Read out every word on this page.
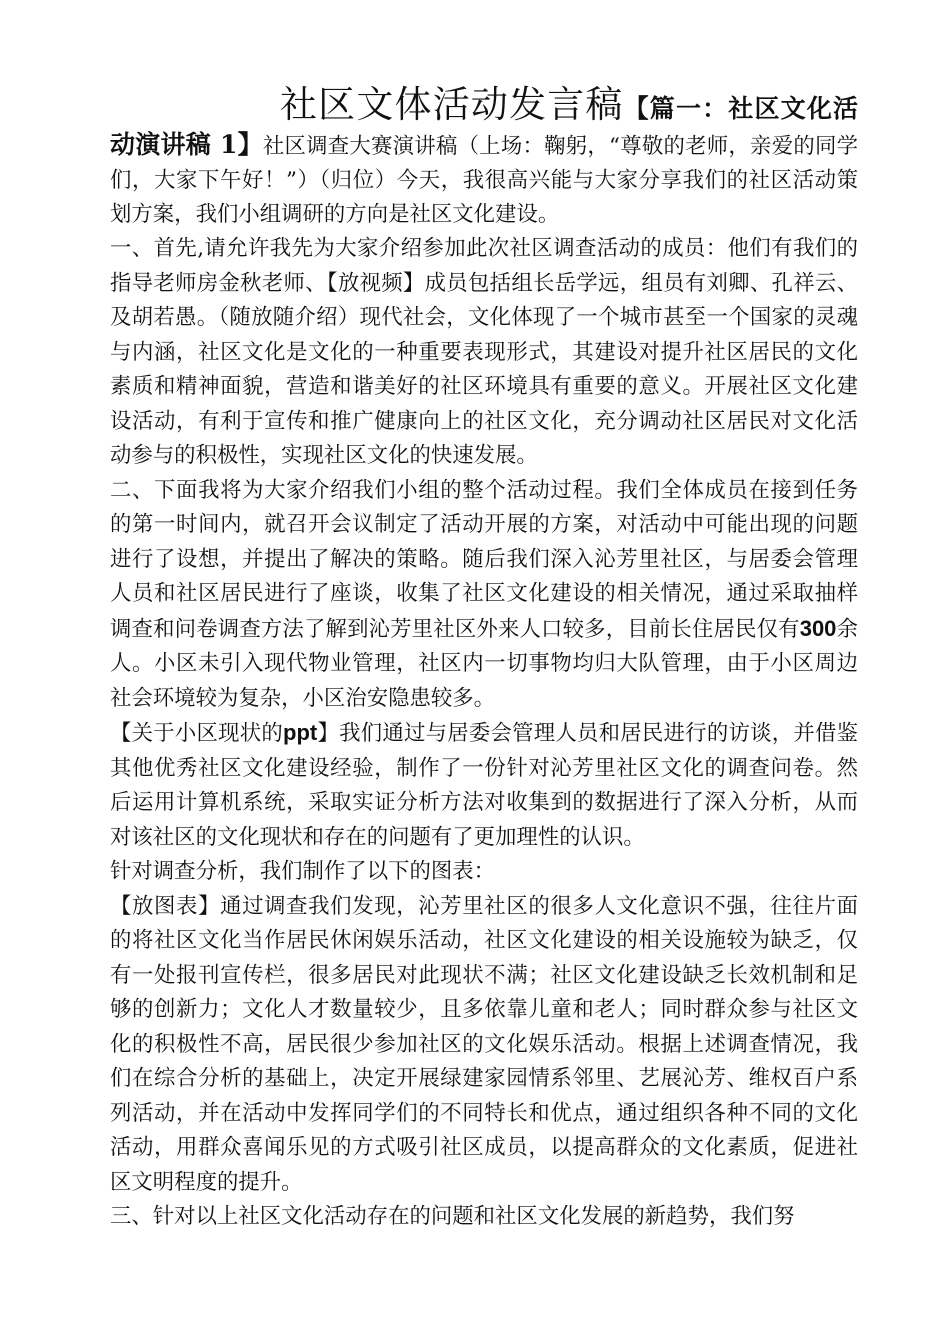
社区文体活动发言稿【篇一：社区文化活动演讲稿 1】社区调查大赛演讲稿（上场：鞠躬，“尊敬的老师，亲爱的同学们，大家下午好！”）（归位）今天，我很高兴能与大家分享我们的社区活动策划方案，我们小组调研的方向是社区文化建设。

一、首先,请允许我先为大家介绍参加此次社区调查活动的成员：他们有我们的指导老师房金秋老师、【放视频】成员包括组长岳学远，组员有刘卿、孔祥云、及胡若愚。（随放随介绍）现代社会，文化体现了一个城市甚至一个国家的灵魂与内涵，社区文化是文化的一种重要表现形式，其建设对提升社区居民的文化素质和精神面貌，营造和谐美好的社区环境具有重要的意义。开展社区文化建设活动，有利于宣传和推广健康向上的社区文化，充分调动社区居民对文化活动参与的积极性，实现社区文化的快速发展。

二、下面我将为大家介绍我们小组的整个活动过程。我们全体成员在接到任务的第一时间内，就召开会议制定了活动开展的方案，对活动中可能出现的问题进行了设想，并提出了解决的策略。随后我们深入沁芳里社区，与居委会管理人员和社区居民进行了座谈，收集了社区文化建设的相关情况，通过采取抽样调查和问卷调查方法了解到沁芳里社区外来人口较多，目前长住居民仅有300余人。小区未引入现代物业管理，社区内一切事物均归大队管理，由于小区周边社会环境较为复杂，小区治安隐患较多。

【关于小区现状的ppt】我们通过与居委会管理人员和居民进行的访谈，并借鉴其他优秀社区文化建设经验，制作了一份针对沁芳里社区文化的调查问卷。然后运用计算机系统，采取实证分析方法对收集到的数据进行了深入分析，从而对该社区的文化现状和存在的问题有了更加理性的认识。

针对调查分析，我们制作了以下的图表：

【放图表】通过调查我们发现，沁芳里社区的很多人文化意识不强，往往片面的将社区文化当作居民休闲娱乐活动，社区文化建设的相关设施较为缺乏，仅有一处报刊宣传栏，很多居民对此现状不满；社区文化建设缺乏长效机制和足够的创新力；文化人才数量较少，且多依靠儿童和老人；同时群众参与社区文化的积极性不高，居民很少参加社区的文化娱乐活动。根据上述调查情况，我们在综合分析的基础上，决定开展绿建家园情系邻里、艺展沁芳、维权百户系列活动，并在活动中发挥同学们的不同特长和优点，通过组织各种不同的文化活动，用群众喜闻乐见的方式吸引社区成员，以提高群众的文化素质，促进社区文明程度的提升。

三、针对以上社区文化活动存在的问题和社区文化发展的新趋势，我们努
